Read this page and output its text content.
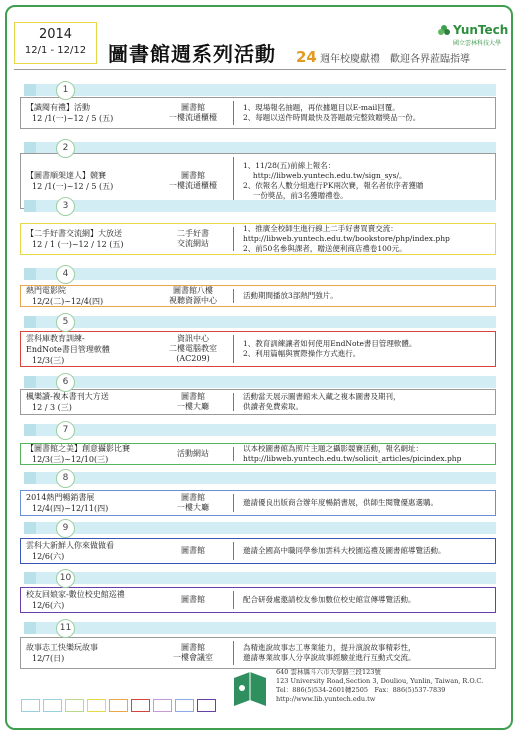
2014
12/1 - 12/12	圖書館週系列活動
YunTech
國立雲林科技大學
24 週年校慶獻禮　歡迎各界蒞臨指導
1
【識閱有禮】活動
12 /1(一)~12 / 5 (五)
圖書館
一樓流通櫃檯
1、現場報名抽題，再依據題目以E-mail回覆。
2、每題以送件時間最快及答題最完整致贈獎品一份。
2
【圖書順架達人】競賽
12 /1(一)~12 / 5 (五)
圖書館
一樓流通櫃檯
1、11/28(五)前線上報名：
　 http://libweb.yuntech.edu.tw/sign_sys/。
2、依報名人數分組進行PK兩次賽，報名者依序者獲贈
　 一份獎品，前3名獲贈禮卷。
3
【二手好書交流網】大放送
12 / 1 (一)~12 / 12 (五)
二手好書
交流網站
1、推廣全校師生進行線上二手好書買賣交流：
http://libweb.yuntech.edu.tw/bookstore/php/index.php
2、前50名參與課者，贈送便利商店禮卷100元。
4
熱門電影院
12/2(二)~12/4(四)
圖書館八樓
視聽資源中心
活動期間播放3部熱門強片。
5
雲科庫教育訓練-
EndNote書目管理軟體
12/3(三)
資訊中心
二樓電腦教室
(AC209)
1、教育訓練讓者如何使用EndNote書目管理軟體。
2、利用篇幅與實際操作方式進行。
6
楓樂讀-複本書刊大方送
12 / 3 (三)
圖書館
一樓大廳
活動當天展示圖書館未入藏之複本圖書及期刊，
供讀者免費索取。
7
【圖書館之美】創意攝影比賽
12/3(三)~12/10(三)
活動網站
以本校圖書館為照片主題之攝影競賽活動，報名網址：
http://libweb.yuntech.edu.tw/solicit_articles/picindex.php
8
2014熱門暢銷書展
12/4(四)~12/11(四)
圖書館
一樓大廳
邀請優良出版商合辦年度暢銷書展，供師生閱覽優惠選購。
9
雲科大新鮮人你來做做看
12/6(六)
圖書館	邀請全國高中職同學參加雲科大校園巡禮及圖書館導覽活動。
10
校友回娘家-數位校史館巡禮
12/6(六)
圖書館	配合研發處邀請校友參加數位校史館宣傳導覽活動。
11
故事志工快樂玩故事
12/7(日)
圖書館
一樓會議室
為精進說故事志工專業能力，提升演說故事精彩性，
邀請專業故事人分享說故事經驗並進行互動式交流。
640 雲林縣斗六市大學路三段123號
123 University Road,Section 3, Douliou, Yunlin, Taiwan, R.O.C.
Tel：886(5)534-2601轉2505　Fax：886(5)537-7839
http://www.lib.yuntech.edu.tw
